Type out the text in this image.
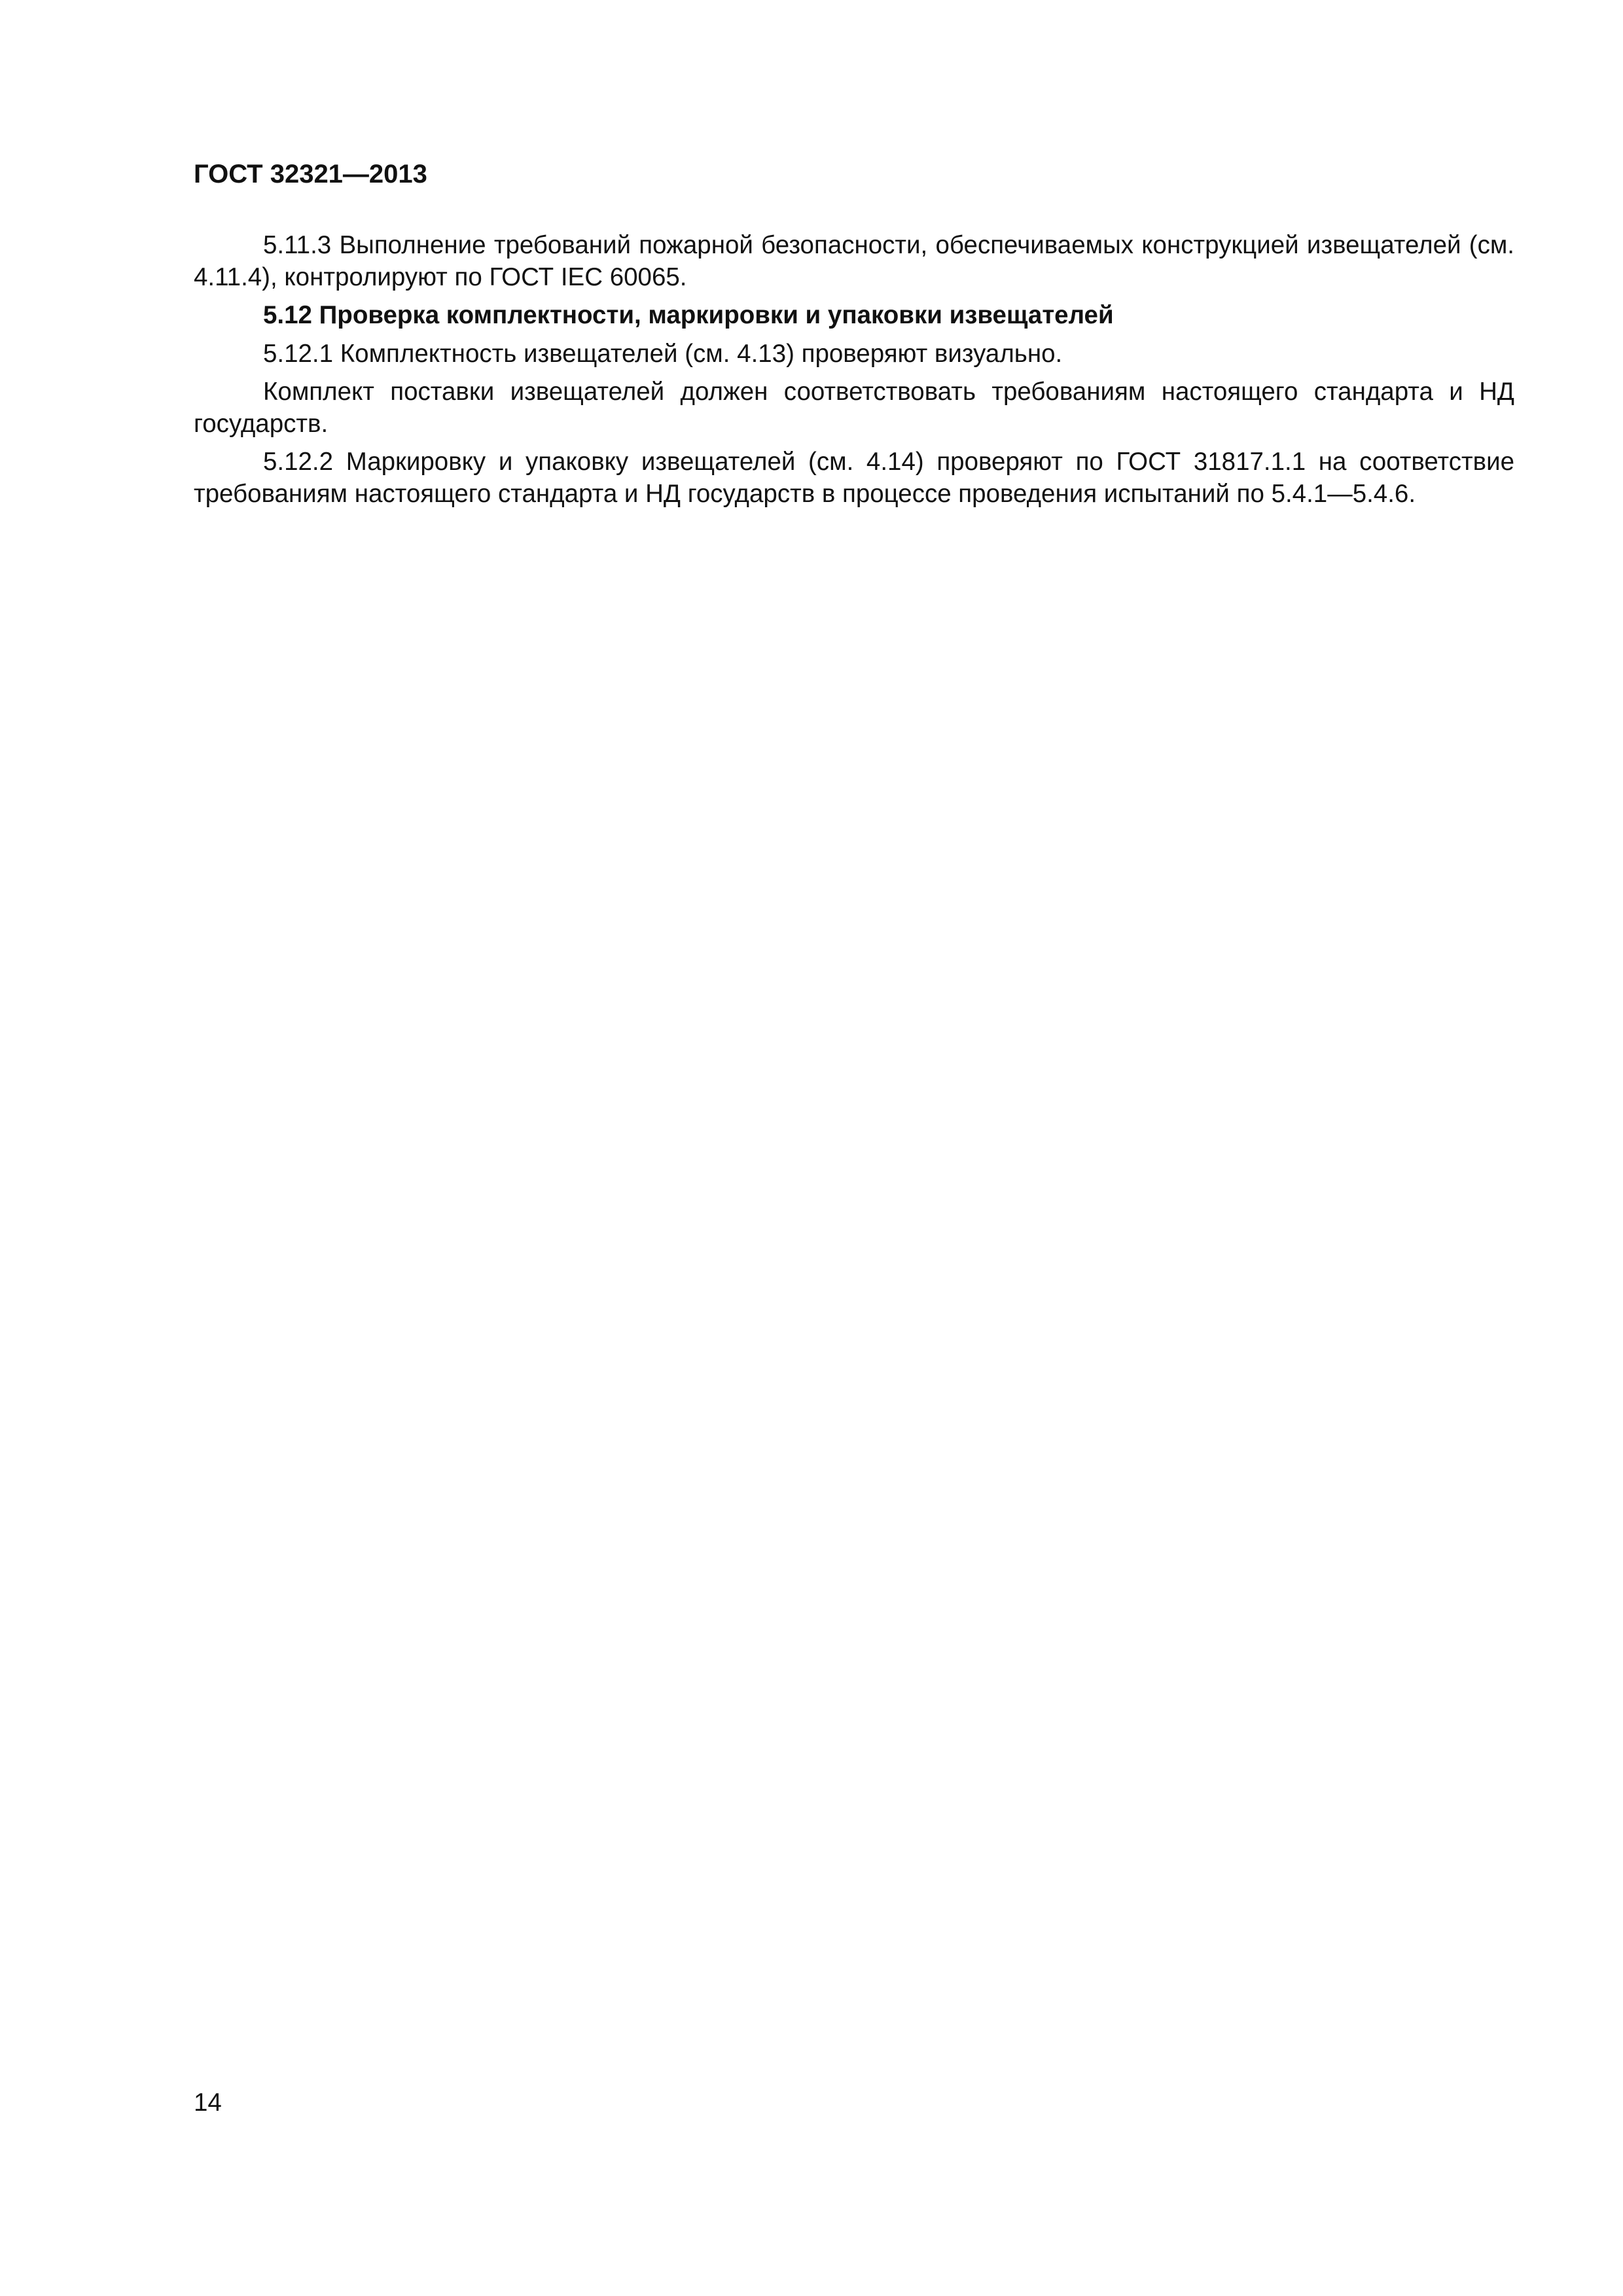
ГОСТ 32321—2013

5.11.3 Выполнение требований пожарной безопасности, обеспечиваемых конструкцией извещателей (см. 4.11.4), контролируют по ГОСТ IEC 60065.

5.12 Проверка комплектности, маркировки и упаковки извещателей

5.12.1 Комплектность извещателей (см. 4.13) проверяют визуально.

Комплект поставки извещателей должен соответствовать требованиям настоящего стандарта и НД государств.

5.12.2 Маркировку и упаковку извещателей (см. 4.14) проверяют по ГОСТ 31817.1.1 на соответствие требованиям настоящего стандарта и НД государств в процессе проведения испытаний по 5.4.1—5.4.6.

14
